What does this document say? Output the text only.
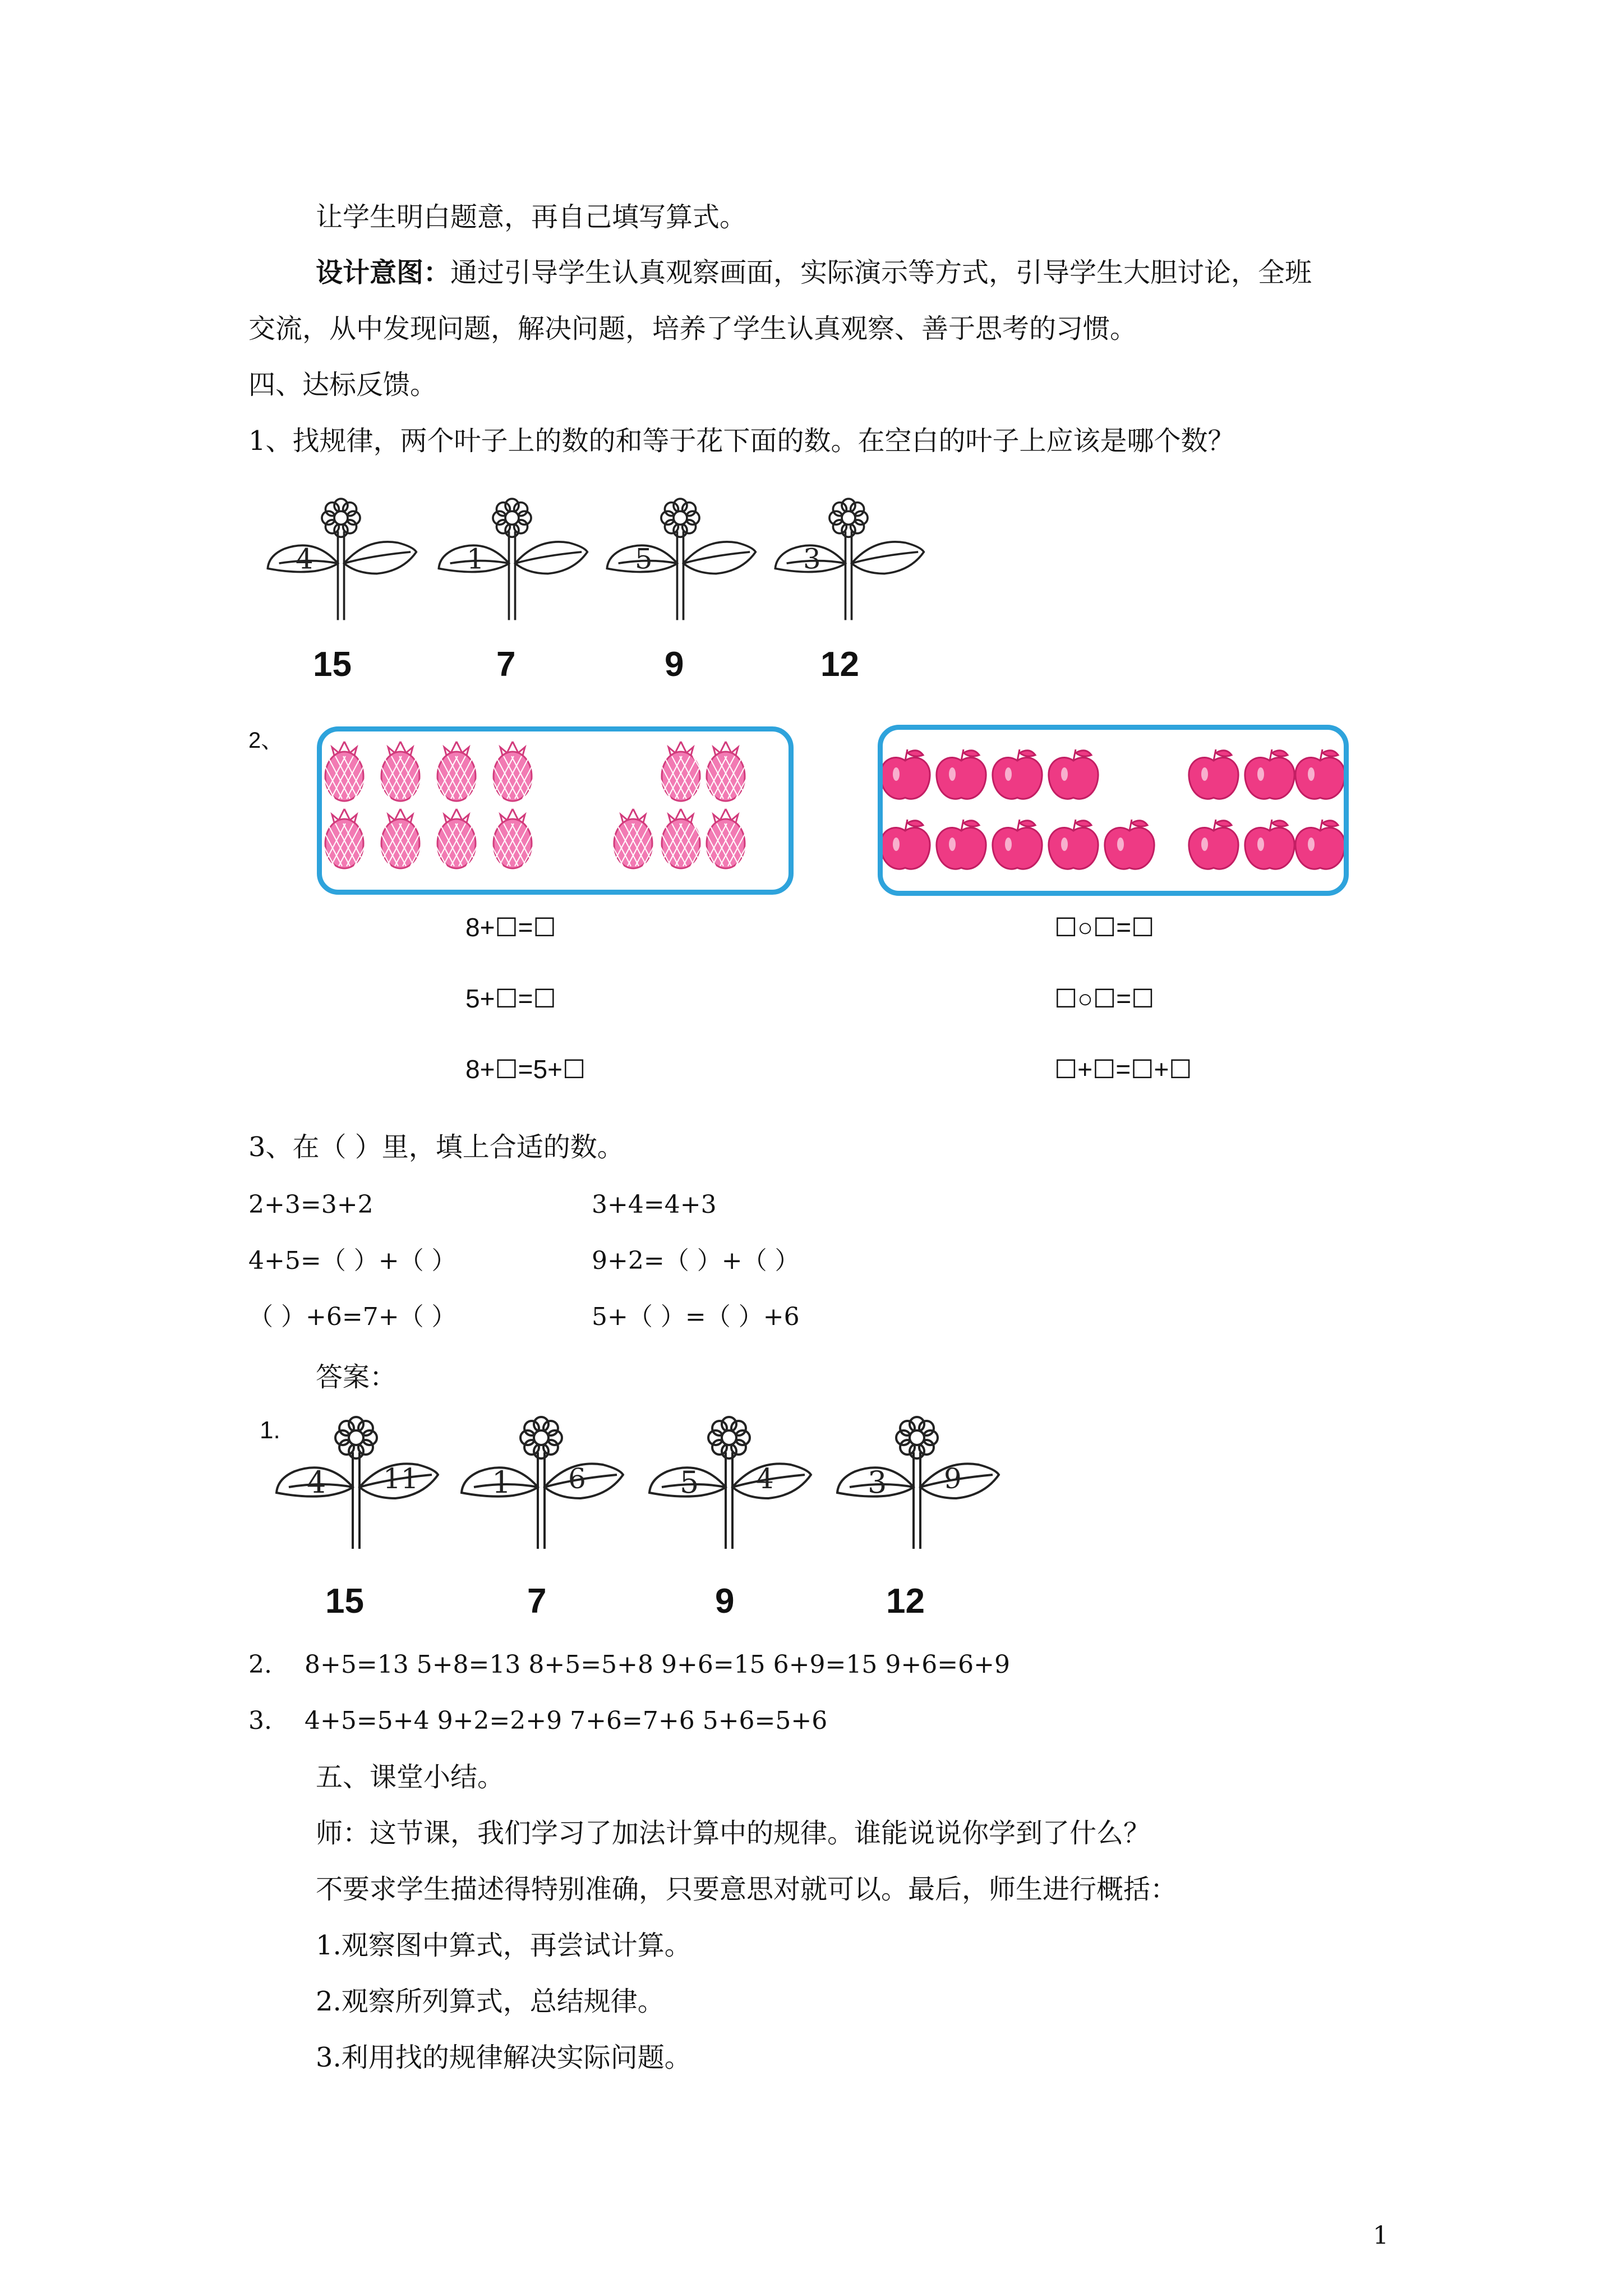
让学生明白题意，再自己填写算式。
设计意图：通过引导学生认真观察画面，实际演示等方式，引导学生大胆讨论，全班
交流，从中发现问题，解决问题，培养了学生认真观察、善于思考的习惯。
四、达标反馈。
1、找规律，两个叶子上的数的和等于花下面的数。在空白的叶子上应该是哪个数？
4	1	5	3
2、
8+☐=☐
5+☐=☐
8+☐=5+☐
☐○☐=☐
☐○☐=☐
☐+☐=☐+☐
3、在（ ）里，填上合适的数。
2+3=3+2	3+4=4+3
4+5=（ ）+（ ）	9+2=（ ）+（ ）
（ ）+6=7+（ ）	5+（ ）=（ ）+6
答案：
1.
4 11 1 6	5 4	3 9
2. 8+5=13 5+8=13 8+5=5+8 9+6=15 6+9=15 9+6=6+9
3. 4+5=5+4 9+2=2+9 7+6=7+6 5+6=5+6
五、课堂小结。
师：这节课，我们学习了加法计算中的规律。谁能说说你学到了什么？
不要求学生描述得特别准确，只要意思对就可以。最后，师生进行概括：
1.观察图中算式，再尝试计算。
2.观察所列算式，总结规律。
3.利用找的规律解决实际问题。
1
15	7	9	12
15	7	9	12
